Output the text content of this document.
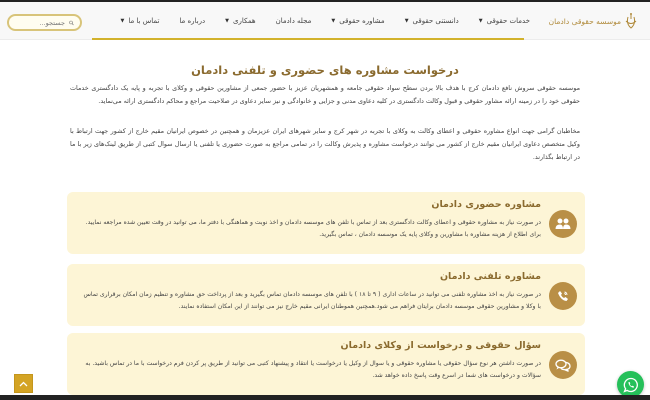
موسسه حقوقی دادمان
خدمات حقوقی
▼
دانستنی حقوقی
▼
مشاوره حقوقی
▼
مجله دادمان
همکاری
▼
درباره ما
تماس با ما
▼
جستجو...
درخواست مشاوره های حضوری و تلفنی دادمان

موسسه حقوقی سروش نافع دادمان کرج با هدف بالا بردن سطح سواد حقوقی جامعه و همشهریان عزیز با حضور جمعی از مشاورین حقوقی و وکلای با تجربه و پایه یک دادگستری خدمات حقوقی خود را در زمینه ارائه مشاور حقوقی و قبول وکالت دادگستری در کلیه دعاوی مدنی و جزایی و خانوادگی و نیز سایر دعاوی در صلاحیت مراجع و محاکم دادگستری ارائه می‌نماید.

مخاطبان گرامی جهت انواع مشاوره حقوقی و اعطای وکالت به وکلای با تجربه در شهر کرج و سایر شهرهای ایران عزیزمان و همچنین در خصوص ایرانیان مقیم خارج از کشور جهت ارتباط با وکیل متخصص دعاوی ایرانیان مقیم خارج از کشور می توانند درخواست مشاوره و پذیرش وکالت را در تمامی مراجع به صورت حضوری یا تلفنی یا ارسال سوال کتبی از طریق لینک‌های زیر با ما در ارتباط بگذارند.

مشاوره حضوری دادمان
در صورت نیاز به مشاوره حقوقی و اعطای وکالت دادگستری بعد از تماس با تلفن های موسسه دادمان و اخذ نوبت و هماهنگی با دفتر ما، می توانید در وقت تعیین شده مراجعه نمایید. برای اطلاع از هزینه مشاوره با مشاورین و وکلای پایه یک موسسه دادمان ، تماس بگیرید.
مشاوره تلفنی دادمان
در صورت نیاز به اخذ مشاوره تلفنی می توانید در ساعات اداری ( ۹ تا ۱۸ ) با تلفن های موسسه دادمان تماس بگیرید و بعد از پرداخت حق مشاوره و تنظیم زمان امکان برقراری تماس با وکلا و مشاورین حقوقی موسسه دادمان برایتان فراهم می شود.همچنین هموطنان ایرانی مقیم خارج نیز می توانند از این امکان استفاده نمایند.
سؤال حقوقی و درخواست از وکلای دادمان
در صورت داشتن هر نوع سؤال حقوقی یا مشاوره حقوقی و یا سوال از وکیل یا درخواست یا انتقاد و پیشنهاد کتبی می توانید از طریق پر کردن فرم درخواست با ما در تماس باشید. به سؤالات و درخواست های شما در اسرع وقت پاسخ داده خواهد شد.
